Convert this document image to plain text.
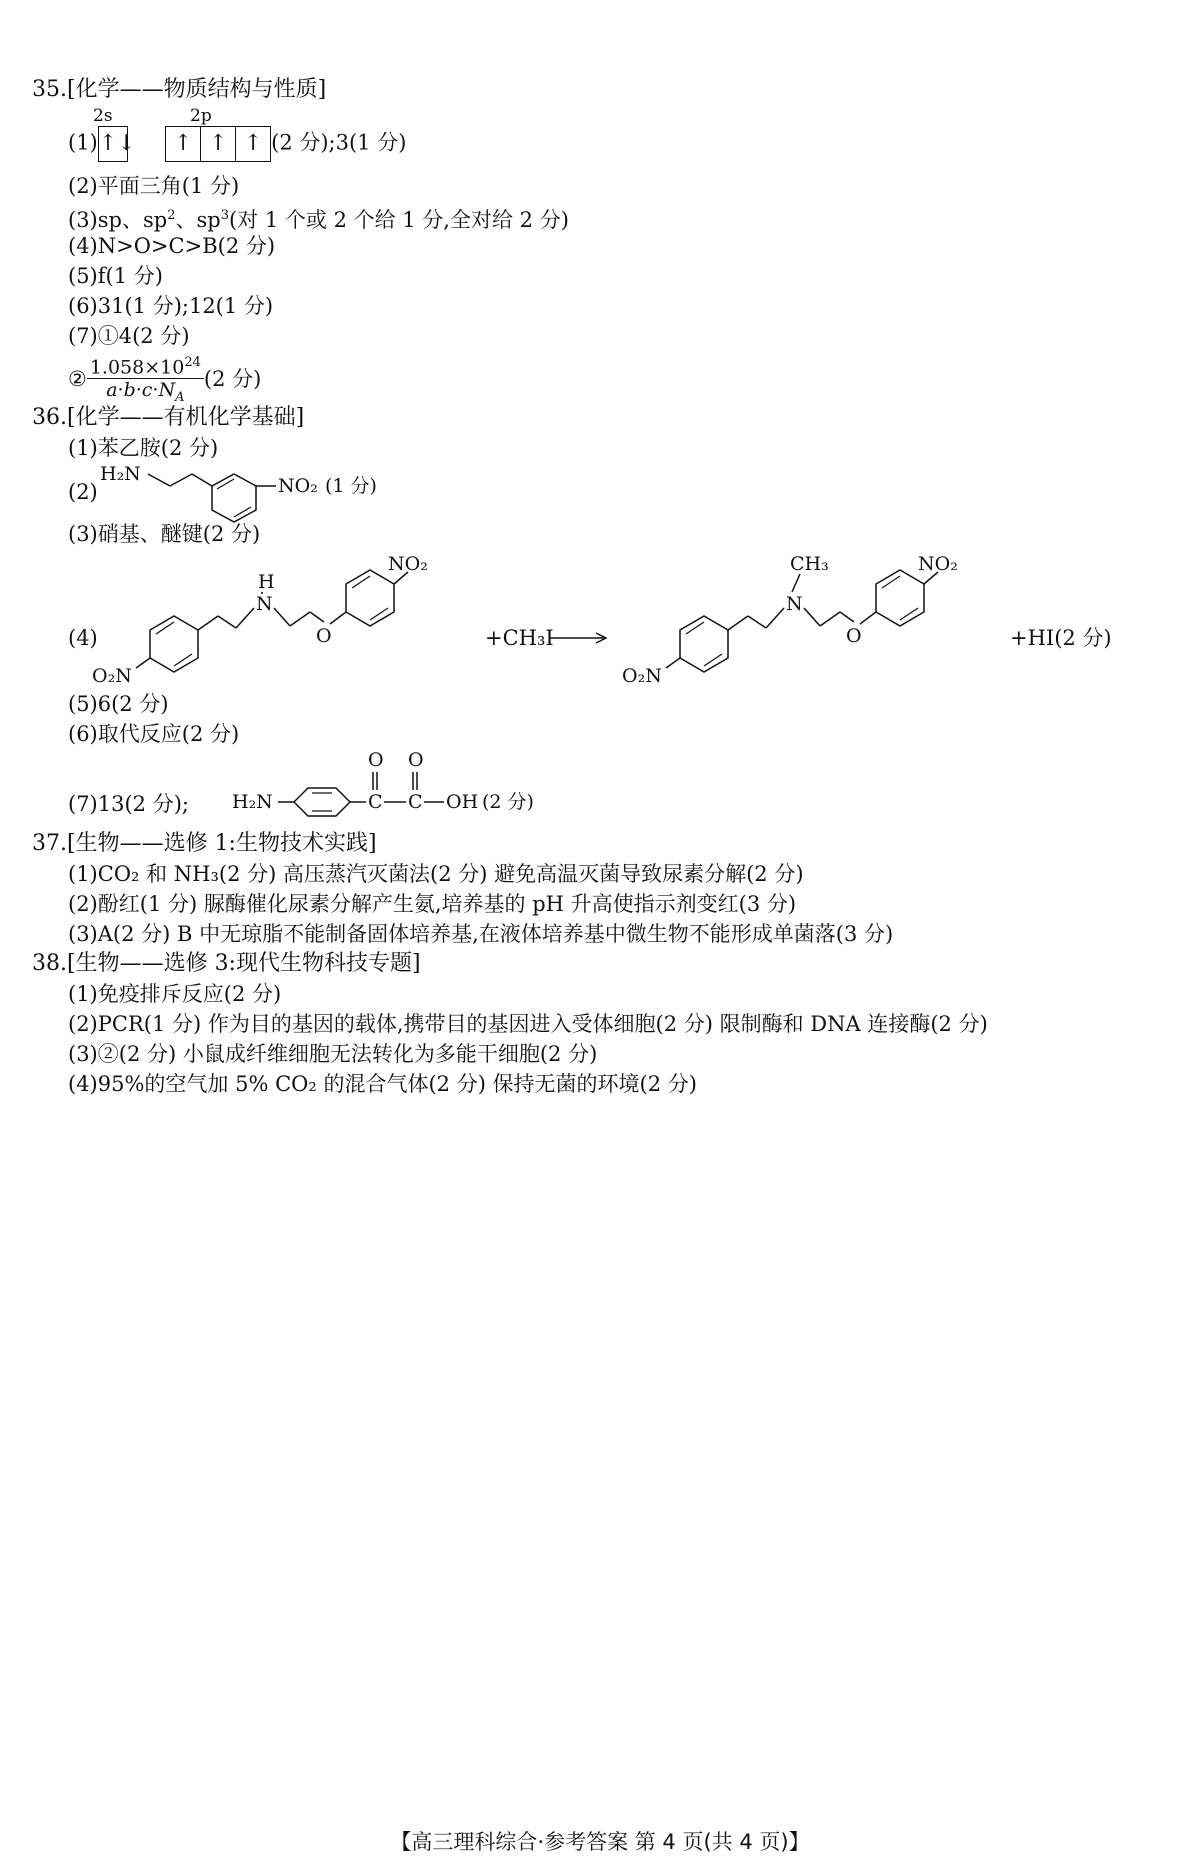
35.[化学——物质结构与性质]
2s	2p
(1) ↑↓
	↑ ↑ ↑ (2 分);3(1 分)
(2)平面三角(1 分)
(3)sp、$sp^2$、$sp^3$(对 1 个或 2 个给 1 分,全对给 2 分)
(4)N>O>C>B(2 分)
(5)f(1 分)
(6)31(1 分);12(1 分)
(7)①4(2 分)
② $\frac{1.058\times 10^{24}}{a\cdot b\cdot c\cdot N_A} (2$ 分)
36.[化学——有机化学基础]
(1)苯乙胺(2 分)
(2)
H₂N
NO₂ (1 分)
(3)硝基、醚键(2 分)
(4)
O₂N
N
H
O
NO₂
+CH₃I
O₂N
N
CH₃
O
NO₂
+HI(2 分)
(5)6(2 分)
(6)取代反应(2 分)
(7)13(2 分); H₂N	C
O
C
O
OH (2 分)
37.[生物——选修 1:生物技术实践]
(1)CO₂ 和 NH₃(2 分) 高压蒸汽灭菌法(2 分) 避免高温灭菌导致尿素分解(2 分)
(2)酚红(1 分) 脲酶催化尿素分解产生氨,培养基的 pH 升高使指示剂变红(3 分)
(3)A(2 分) B 中无琼脂不能制备固体培养基,在液体培养基中微生物不能形成单菌落(3 分)
38.[生物——选修 3:现代生物科技专题]
(1)免疫排斥反应(2 分)
(2)PCR(1 分) 作为目的基因的载体,携带目的基因进入受体细胞(2 分) 限制酶和 DNA 连接酶(2 分)
(3)②(2 分) 小鼠成纤维细胞无法转化为多能干细胞(2 分)
(4)95%的空气加 5% CO₂ 的混合气体(2 分) 保持无菌的环境(2 分)
【高三理科综合·参考答案 第 4 页(共 4 页)】
